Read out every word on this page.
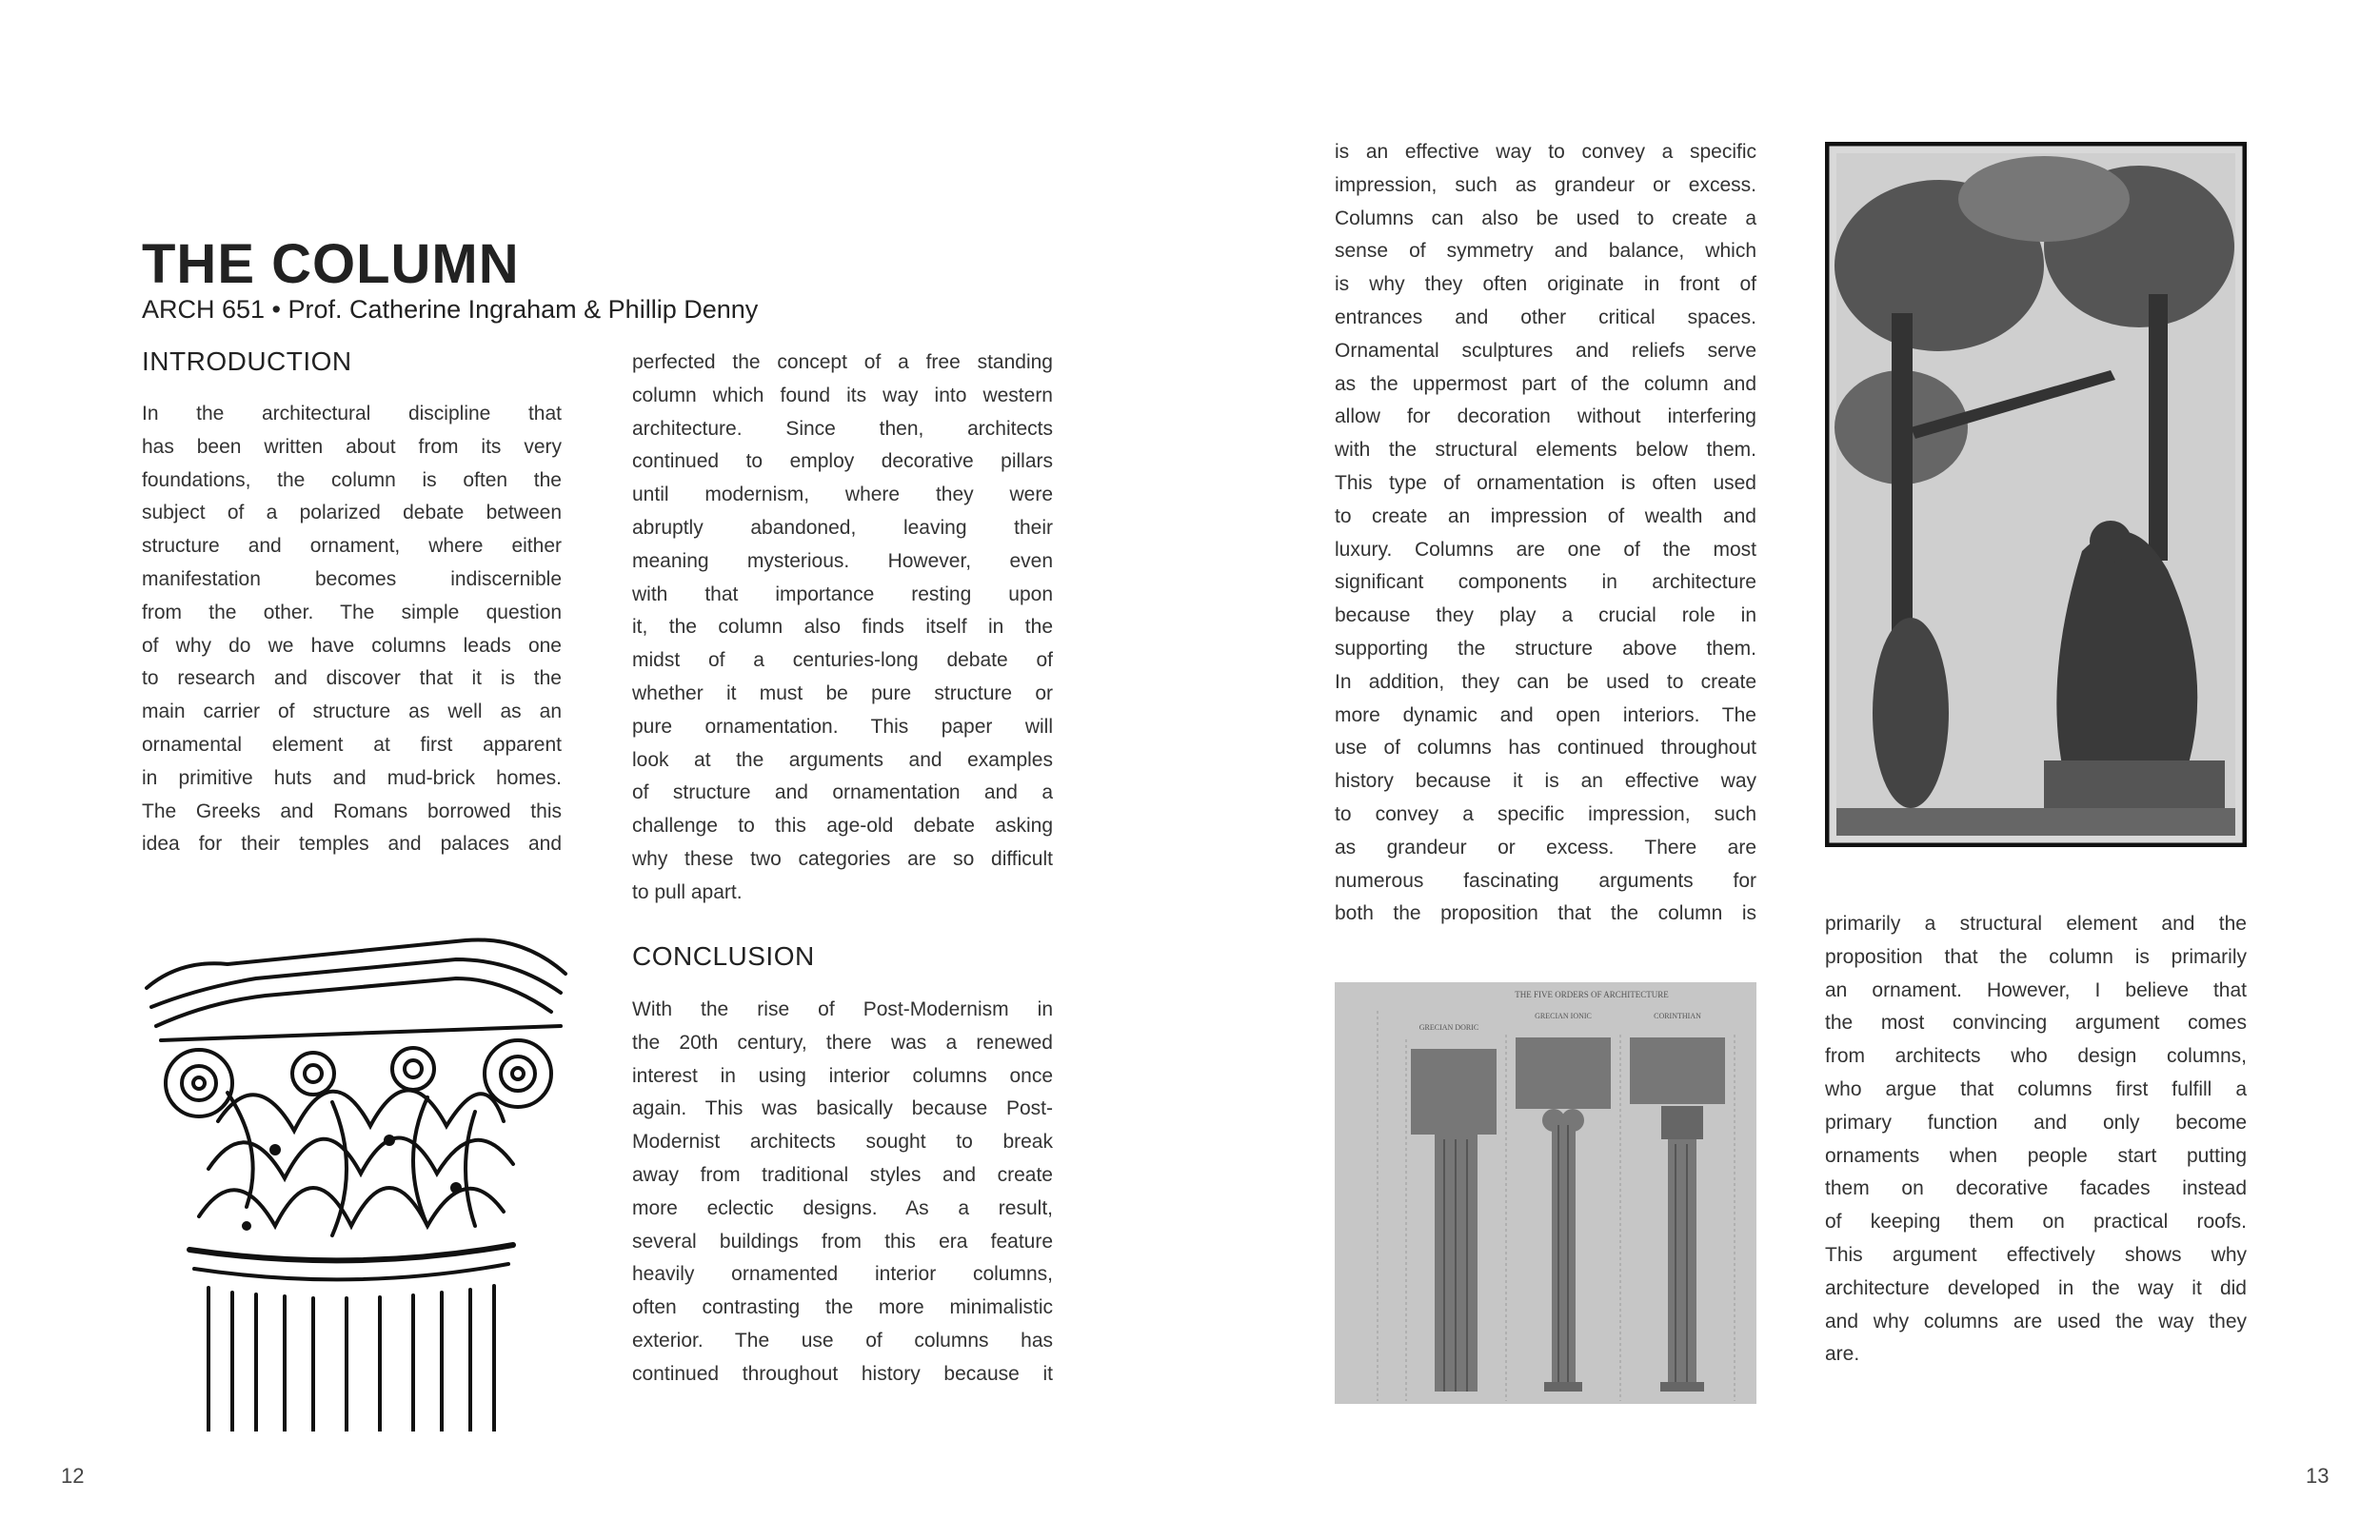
THE COLUMN
ARCH 651 • Prof. Catherine Ingraham & Phillip Denny
INTRODUCTION
In the architectural discipline that
has been written about from its very
foundations, the column is often the
subject of a polarized debate between
structure and ornament, where either
manifestation becomes indiscernible
from the other. The simple question
of why do we have columns leads one
to research and discover that it is the
main carrier of structure as well as an
ornamental element at first apparent
in primitive huts and mud-brick homes.
The Greeks and Romans borrowed this
idea for their temples and palaces and
perfected the concept of a free standing
column which found its way into western
architecture. Since then, architects
continued to employ decorative pillars
until modernism, where they were
abruptly abandoned, leaving their
meaning mysterious. However, even
with that importance resting upon
it, the column also finds itself in the
midst of a centuries-long debate of
whether it must be pure structure or
pure ornamentation. This paper will
look at the arguments and examples
of structure and ornamentation and a
challenge to this age-old debate asking
why these two categories are so difficult
to pull apart.
CONCLUSION
With the rise of Post-Modernism in
the 20th century, there was a renewed
interest in using interior columns once
again. This was basically because Post-
Modernist architects sought to break
away from traditional styles and create
more eclectic designs. As a result,
several buildings from this era feature
heavily ornamented interior columns,
often contrasting the more minimalistic
exterior. The use of columns has
continued throughout history because it
12
is an effective way to convey a specific
impression, such as grandeur or excess.
Columns can also be used to create a
sense of symmetry and balance, which
is why they often originate in front of
entrances and other critical spaces.
Ornamental sculptures and reliefs serve
as the uppermost part of the column and
allow for decoration without interfering
with the structural elements below them.
This type of ornamentation is often used
to create an impression of wealth and
luxury. Columns are one of the most
significant components in architecture
because they play a crucial role in
supporting the structure above them.
In addition, they can be used to create
more dynamic and open interiors. The
use of columns has continued throughout
history because it is an effective way
to convey a specific impression, such
as grandeur or excess. There are
numerous fascinating arguments for
both the proposition that the column is
THE FIVE ORDERS OF ARCHITECTURE
GRECIAN DORIC
GRECIAN IONIC	CORINTHIAN
primarily a structural element and the
proposition that the column is primarily
an ornament. However, I believe that
the most convincing argument comes
from architects who design columns,
who argue that columns first fulfill a
primary function and only become
ornaments when people start putting
them on decorative facades instead
of keeping them on practical roofs.
This argument effectively shows why
architecture developed in the way it did
and why columns are used the way they
are.
13
